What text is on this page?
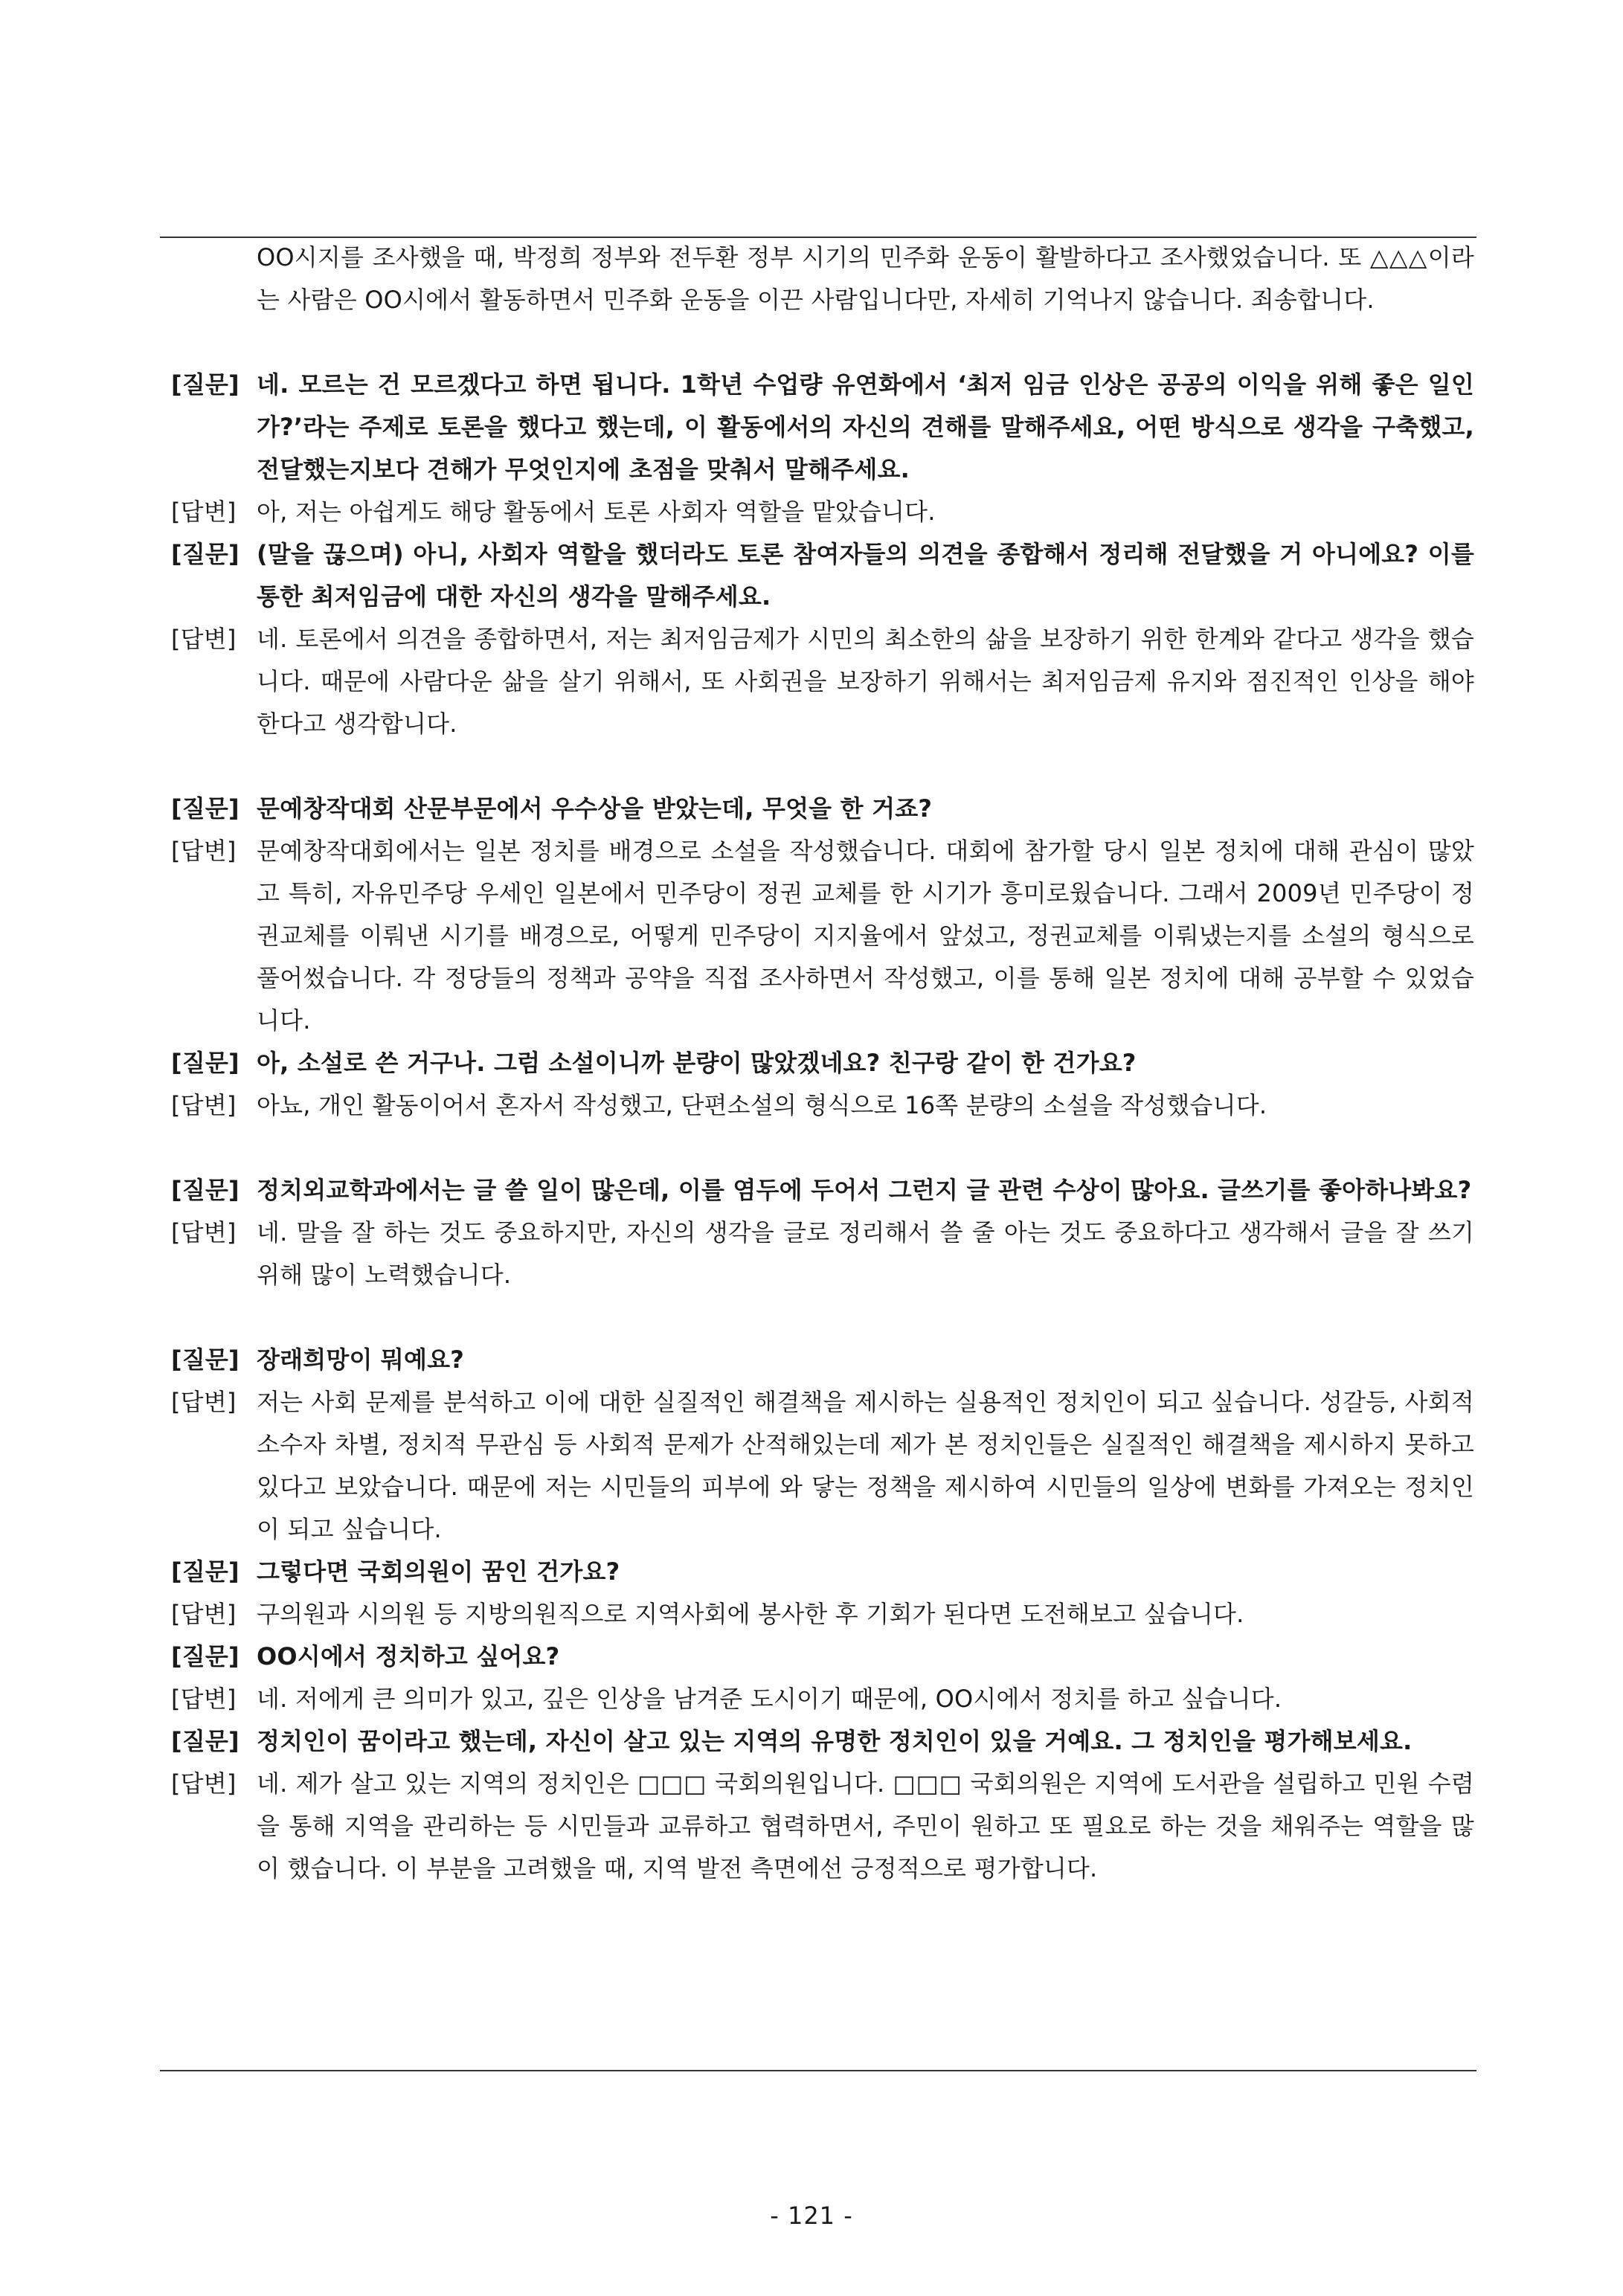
OO시지를 조사했을 때, 박정희 정부와 전두환 정부 시기의 민주화 운동이 활발하다고 조사했었습니다. 또 △△△이라는 사람은 OO시에서 활동하면서 민주화 운동을 이끈 사람입니다만, 자세히 기억나지 않습니다. 죄송합니다.
[질문] 네. 모르는 건 모르겠다고 하면 됩니다. 1학년 수업량 유연화에서 ‘최저 임금 인상은 공공의 이익을 위해 좋은 일인가?’라는 주제로 토론을 했다고 했는데, 이 활동에서의 자신의 견해를 말해주세요, 어떤 방식으로 생각을 구축했고, 전달했는지보다 견해가 무엇인지에 초점을 맞춰서 말해주세요.
[답변] 아, 저는 아쉽게도 해당 활동에서 토론 사회자 역할을 맡았습니다.
[질문] (말을 끊으며) 아니, 사회자 역할을 했더라도 토론 참여자들의 의견을 종합해서 정리해 전달했을 거 아니에요? 이를 통한 최저임금에 대한 자신의 생각을 말해주세요.
[답변] 네. 토론에서 의견을 종합하면서, 저는 최저임금제가 시민의 최소한의 삶을 보장하기 위한 한계와 같다고 생각을 했습니다. 때문에 사람다운 삶을 살기 위해서, 또 사회권을 보장하기 위해서는 최저임금제 유지와 점진적인 인상을 해야 한다고 생각합니다.
[질문] 문예창작대회 산문부문에서 우수상을 받았는데, 무엇을 한 거죠?
[답변] 문예창작대회에서는 일본 정치를 배경으로 소설을 작성했습니다. 대회에 참가할 당시 일본 정치에 대해 관심이 많았고 특히, 자유민주당 우세인 일본에서 민주당이 정권 교체를 한 시기가 흥미로웠습니다. 그래서 2009년 민주당이 정권교체를 이뤄낸 시기를 배경으로, 어떻게 민주당이 지지율에서 앞섰고, 정권교체를 이뤄냈는지를 소설의 형식으로 풀어썼습니다. 각 정당들의 정책과 공약을 직접 조사하면서 작성했고, 이를 통해 일본 정치에 대해 공부할 수 있었습니다.
[질문] 아, 소설로 쓴 거구나. 그럼 소설이니까 분량이 많았겠네요? 친구랑 같이 한 건가요?
[답변] 아뇨, 개인 활동이어서 혼자서 작성했고, 단편소설의 형식으로 16쪽 분량의 소설을 작성했습니다.
[질문] 정치외교학과에서는 글 쓸 일이 많은데, 이를 염두에 두어서 그런지 글 관련 수상이 많아요. 글쓰기를 좋아하나봐요?
[답변] 네. 말을 잘 하는 것도 중요하지만, 자신의 생각을 글로 정리해서 쓸 줄 아는 것도 중요하다고 생각해서 글을 잘 쓰기위해 많이 노력했습니다.
[질문] 장래희망이 뭐예요?
[답변] 저는 사회 문제를 분석하고 이에 대한 실질적인 해결책을 제시하는 실용적인 정치인이 되고 싶습니다. 성갈등, 사회적 소수자 차별, 정치적 무관심 등 사회적 문제가 산적해있는데 제가 본 정치인들은 실질적인 해결책을 제시하지 못하고 있다고 보았습니다. 때문에 저는 시민들의 피부에 와 닿는 정책을 제시하여 시민들의 일상에 변화를 가져오는 정치인이 되고 싶습니다.
[질문] 그렇다면 국회의원이 꿈인 건가요?
[답변] 구의원과 시의원 등 지방의원직으로 지역사회에 봉사한 후 기회가 된다면 도전해보고 싶습니다.
[질문] OO시에서 정치하고 싶어요?
[답변] 네. 저에게 큰 의미가 있고, 깊은 인상을 남겨준 도시이기 때문에, OO시에서 정치를 하고 싶습니다.
[질문] 정치인이 꿈이라고 했는데, 자신이 살고 있는 지역의 유명한 정치인이 있을 거예요. 그 정치인을 평가해보세요.
[답변] 네. 제가 살고 있는 지역의 정치인은 □□□ 국회의원입니다. □□□ 국회의원은 지역에 도서관을 설립하고 민원 수렴을 통해 지역을 관리하는 등 시민들과 교류하고 협력하면서, 주민이 원하고 또 필요로 하는 것을 채워주는 역할을 많이 했습니다. 이 부분을 고려했을 때, 지역 발전 측면에선 긍정적으로 평가합니다.
- 121 -
